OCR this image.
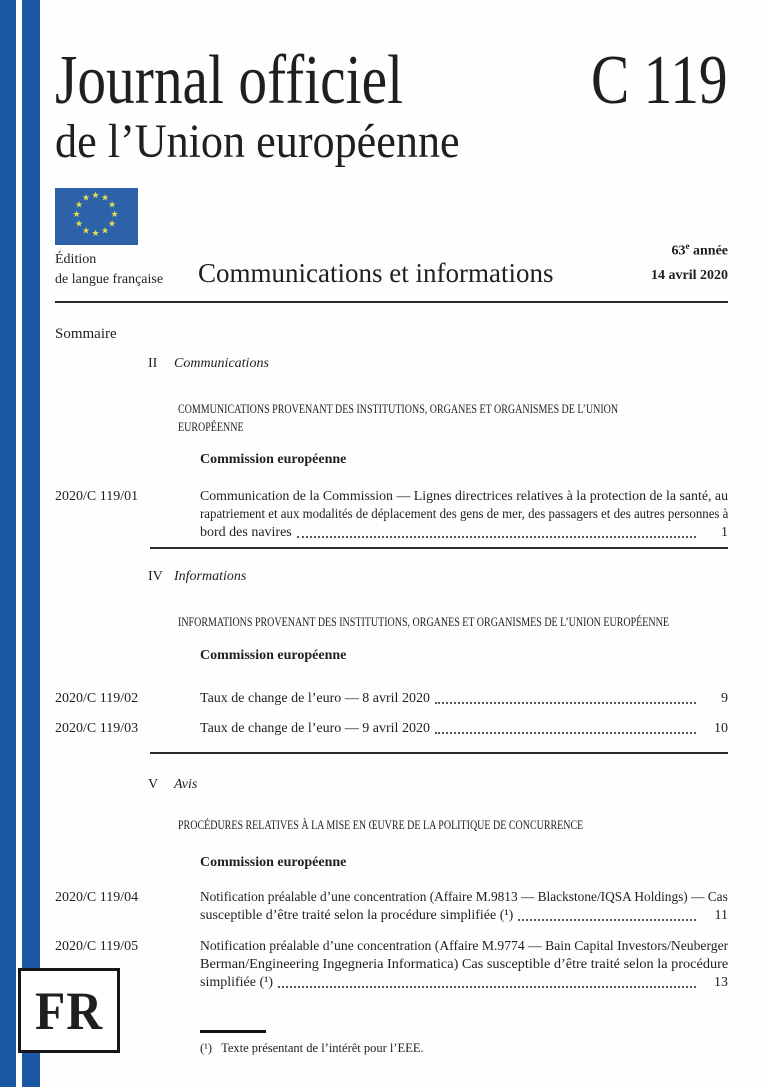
Journal officiel	C 119
de l’Union européenne
Édition
de langue française Communications et informations
63e année
14 avril 2020
Sommaire
II	Communications
COMMUNICATIONS PROVENANT DES INSTITUTIONS, ORGANES ET ORGANISMES DE L’UNION
EUROPÉENNE
Commission européenne
2020/C 119/01	Communication de la Commission — Lignes directrices relatives à la protection de la santé, au
rapatriement et aux modalités de déplacement des gens de mer, des passagers et des autres personnes à
bord des navires	1
IV Informations
INFORMATIONS PROVENANT DES INSTITUTIONS, ORGANES ET ORGANISMES DE L’UNION EUROPÉENNE
Commission européenne
2020/C 119/02	Taux de change de l’euro — 8 avril 2020	9
2020/C 119/03	Taux de change de l’euro — 9 avril 2020	10
V	Avis
PROCÉDURES RELATIVES À LA MISE EN ŒUVRE DE LA POLITIQUE DE CONCURRENCE
Commission européenne
2020/C 119/04	Notification préalable d’une concentration (Affaire M.9813 — Blackstone/IQSA Holdings) — Cas
susceptible d’être traité selon la procédure simplifiée (¹)	11
2020/C 119/05	Notification préalable d’une concentration (Affaire M.9774 — Bain Capital Investors/Neuberger
Berman/Engineering Ingegneria Informatica) Cas susceptible d’être traité selon la procédure
simplifiée (¹)	13
FR
(¹) Texte présentant de l’intérêt pour l’EEE.
